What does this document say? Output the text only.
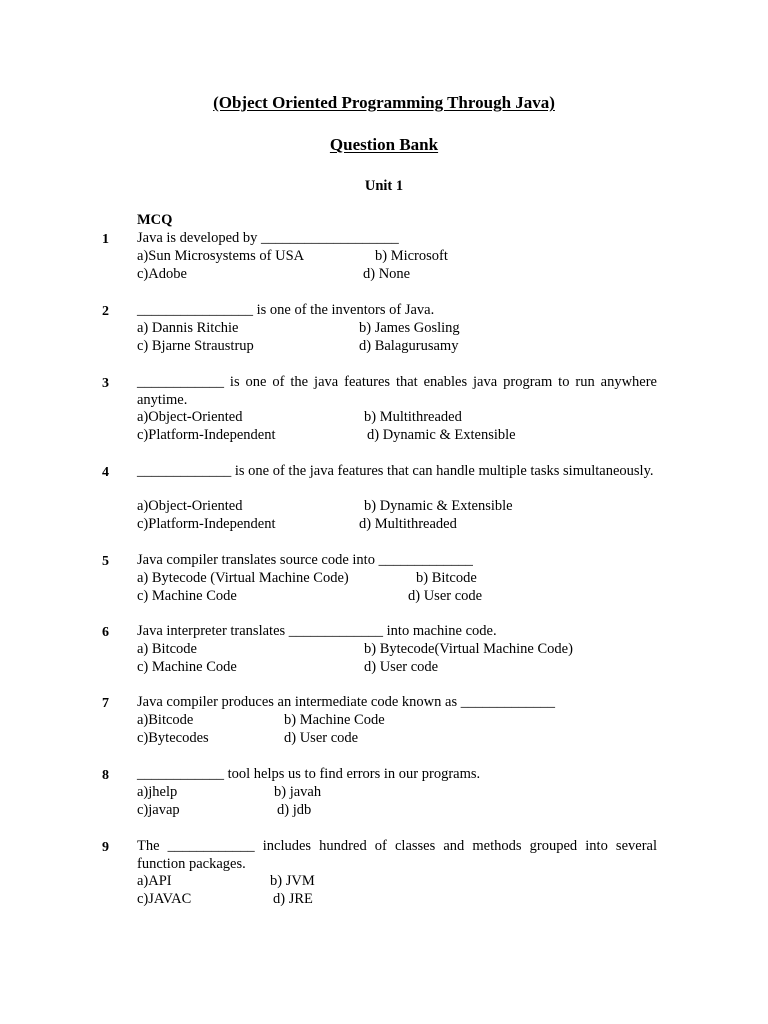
(Object Oriented Programming Through Java)
Question Bank
Unit 1
MCQ
1 Java is developed by ___________________

a)Sun Microsystems of USA	b) Microsoft
c)Adobe	d) None
2 ________________ is one of the inventors of Java.

a) Dannis Ritchie	b) James Gosling
c) Bjarne Straustrup	d) Balagurusamy
3 ____________ is one of the java features that enables java program to run anywhere anytime.

a)Object-Oriented	b) Multithreaded
c)Platform-Independent	d) Dynamic & Extensible
4 _____________ is one of the java features that can handle multiple tasks simultaneously.

a)Object-Oriented	b) Dynamic & Extensible
c)Platform-Independent	d) Multithreaded
5 Java compiler translates source code into _____________

a) Bytecode (Virtual Machine Code)	b) Bitcode
c) Machine Code	d) User code
6 Java interpreter translates _____________ into machine code.

a) Bitcode	b) Bytecode(Virtual Machine Code)
c) Machine Code	d) User code
7 Java compiler produces an intermediate code known as _____________

a)Bitcode	b) Machine Code
c)Bytecodes	d) User code
8 ____________ tool helps us to find errors in our programs.

a)jhelp	b) javah
c)javap	d) jdb
9 The ____________ includes hundred of classes and methods grouped into several function packages.

a)API	b) JVM
c)JAVAC	d) JRE
